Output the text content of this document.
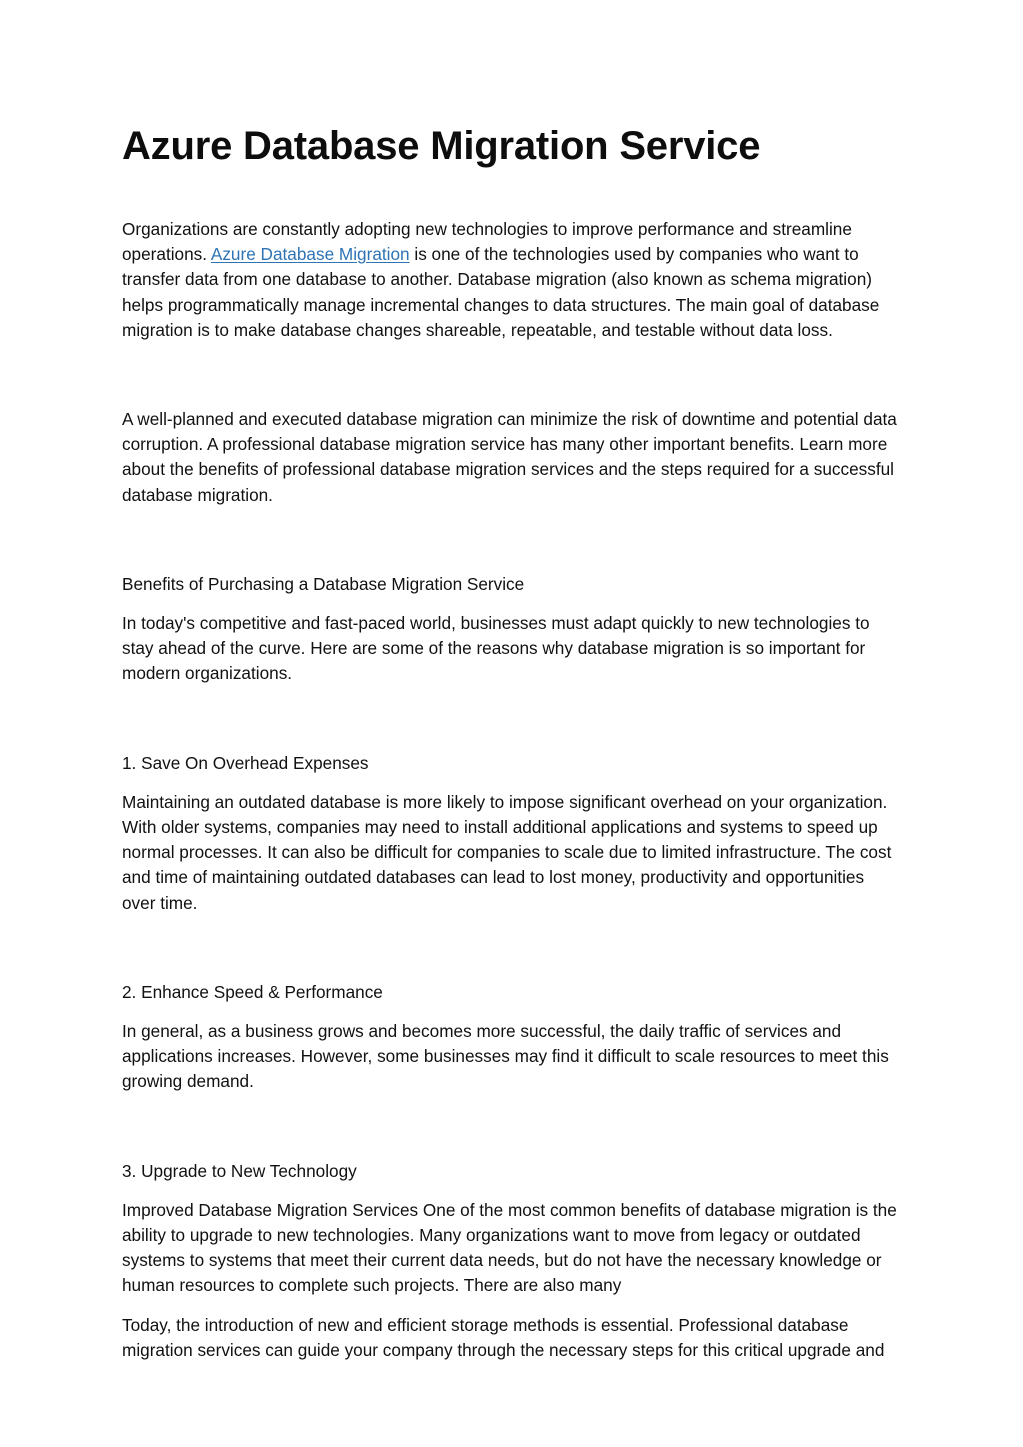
Azure Database Migration Service

Organizations are constantly adopting new technologies to improve performance and streamline operations. Azure Database Migration is one of the technologies used by companies who want to transfer data from one database to another. Database migration (also known as schema migration) helps programmatically manage incremental changes to data structures. The main goal of database migration is to make database changes shareable, repeatable, and testable without data loss.

A well-planned and executed database migration can minimize the risk of downtime and potential data corruption. A professional database migration service has many other important benefits. Learn more about the benefits of professional database migration services and the steps required for a successful database migration.

Benefits of Purchasing a Database Migration Service

In today's competitive and fast-paced world, businesses must adapt quickly to new technologies to stay ahead of the curve. Here are some of the reasons why database migration is so important for modern organizations.

1. Save On Overhead Expenses

Maintaining an outdated database is more likely to impose significant overhead on your organization. With older systems, companies may need to install additional applications and systems to speed up normal processes. It can also be difficult for companies to scale due to limited infrastructure. The cost and time of maintaining outdated databases can lead to lost money, productivity and opportunities over time.

2. Enhance Speed & Performance

In general, as a business grows and becomes more successful, the daily traffic of services and applications increases. However, some businesses may find it difficult to scale resources to meet this growing demand.

3. Upgrade to New Technology

Improved Database Migration Services One of the most common benefits of database migration is the ability to upgrade to new technologies. Many organizations want to move from legacy or outdated systems to systems that meet their current data needs, but do not have the necessary knowledge or human resources to complete such projects. There are also many

Today, the introduction of new and efficient storage methods is essential. Professional database migration services can guide your company through the necessary steps for this critical upgrade and
